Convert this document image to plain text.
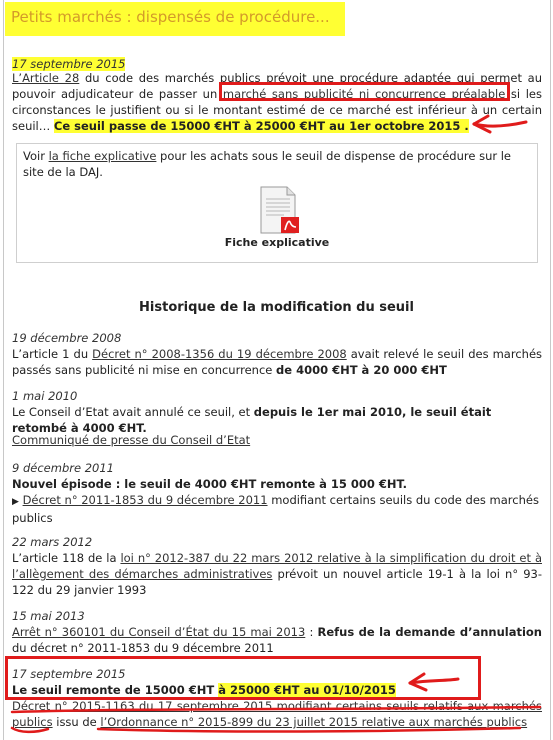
Petits marchés : dispensés de procédure...
17 septembre 2015

L’Article 28 du code des marchés publics prévoit une procédure adaptée qui permet au pouvoir adjudicateur de passer un marché sans publicité ni concurrence préalable si les circonstances le justifient ou si le montant estimé de ce marché est inférieur à un certain seuil… Ce seuil passe de 15000 €HT à 25000 €HT au 1er octobre 2015 .

Voir la fiche explicative pour les achats sous le seuil de dispense de procédure sur le site de la DAJ.
Fiche explicative
Historique de la modification du seuil
19 décembre 2008

L’article 1 du Décret n° 2008-1356 du 19 décembre 2008 avait relevé le seuil des marchés passés sans publicité ni mise en concurrence de 4000 €HT à 20 000 €HT

1 mai 2010

Le Conseil d’Etat avait annulé ce seuil, et depuis le 1er mai 2010, le seuil était retombé à 4000 €HT.

Communiqué de presse du Conseil d’Etat
9 décembre 2011
Nouvel épisode : le seuil de 4000 €HT remonte à 15 000 €HT.

▶ Décret n° 2011-1853 du 9 décembre 2011 modifiant certains seuils du code des marchés publics

22 mars 2012

L’article 118 de la loi n° 2012-387 du 22 mars 2012 relative à la simplification du droit et à l’allègement des démarches administratives prévoit un nouvel article 19-1 à la loi n° 93-122 du 29 janvier 1993

15 mai 2013

Arrêt n° 360101 du Conseil d’État du 15 mai 2013 : Refus de la demande d’annulation du décret n° 2011-1853 du 9 décembre 2011

17 septembre 2015
Le seuil remonte de 15000 €HT à 25000 €HT au 01/10/2015

Décret n° 2015-1163 du 17 septembre 2015 modifiant certains seuils relatifs aux marchés publics issu de l’Ordonnance n° 2015-899 du 23 juillet 2015 relative aux marchés publics
